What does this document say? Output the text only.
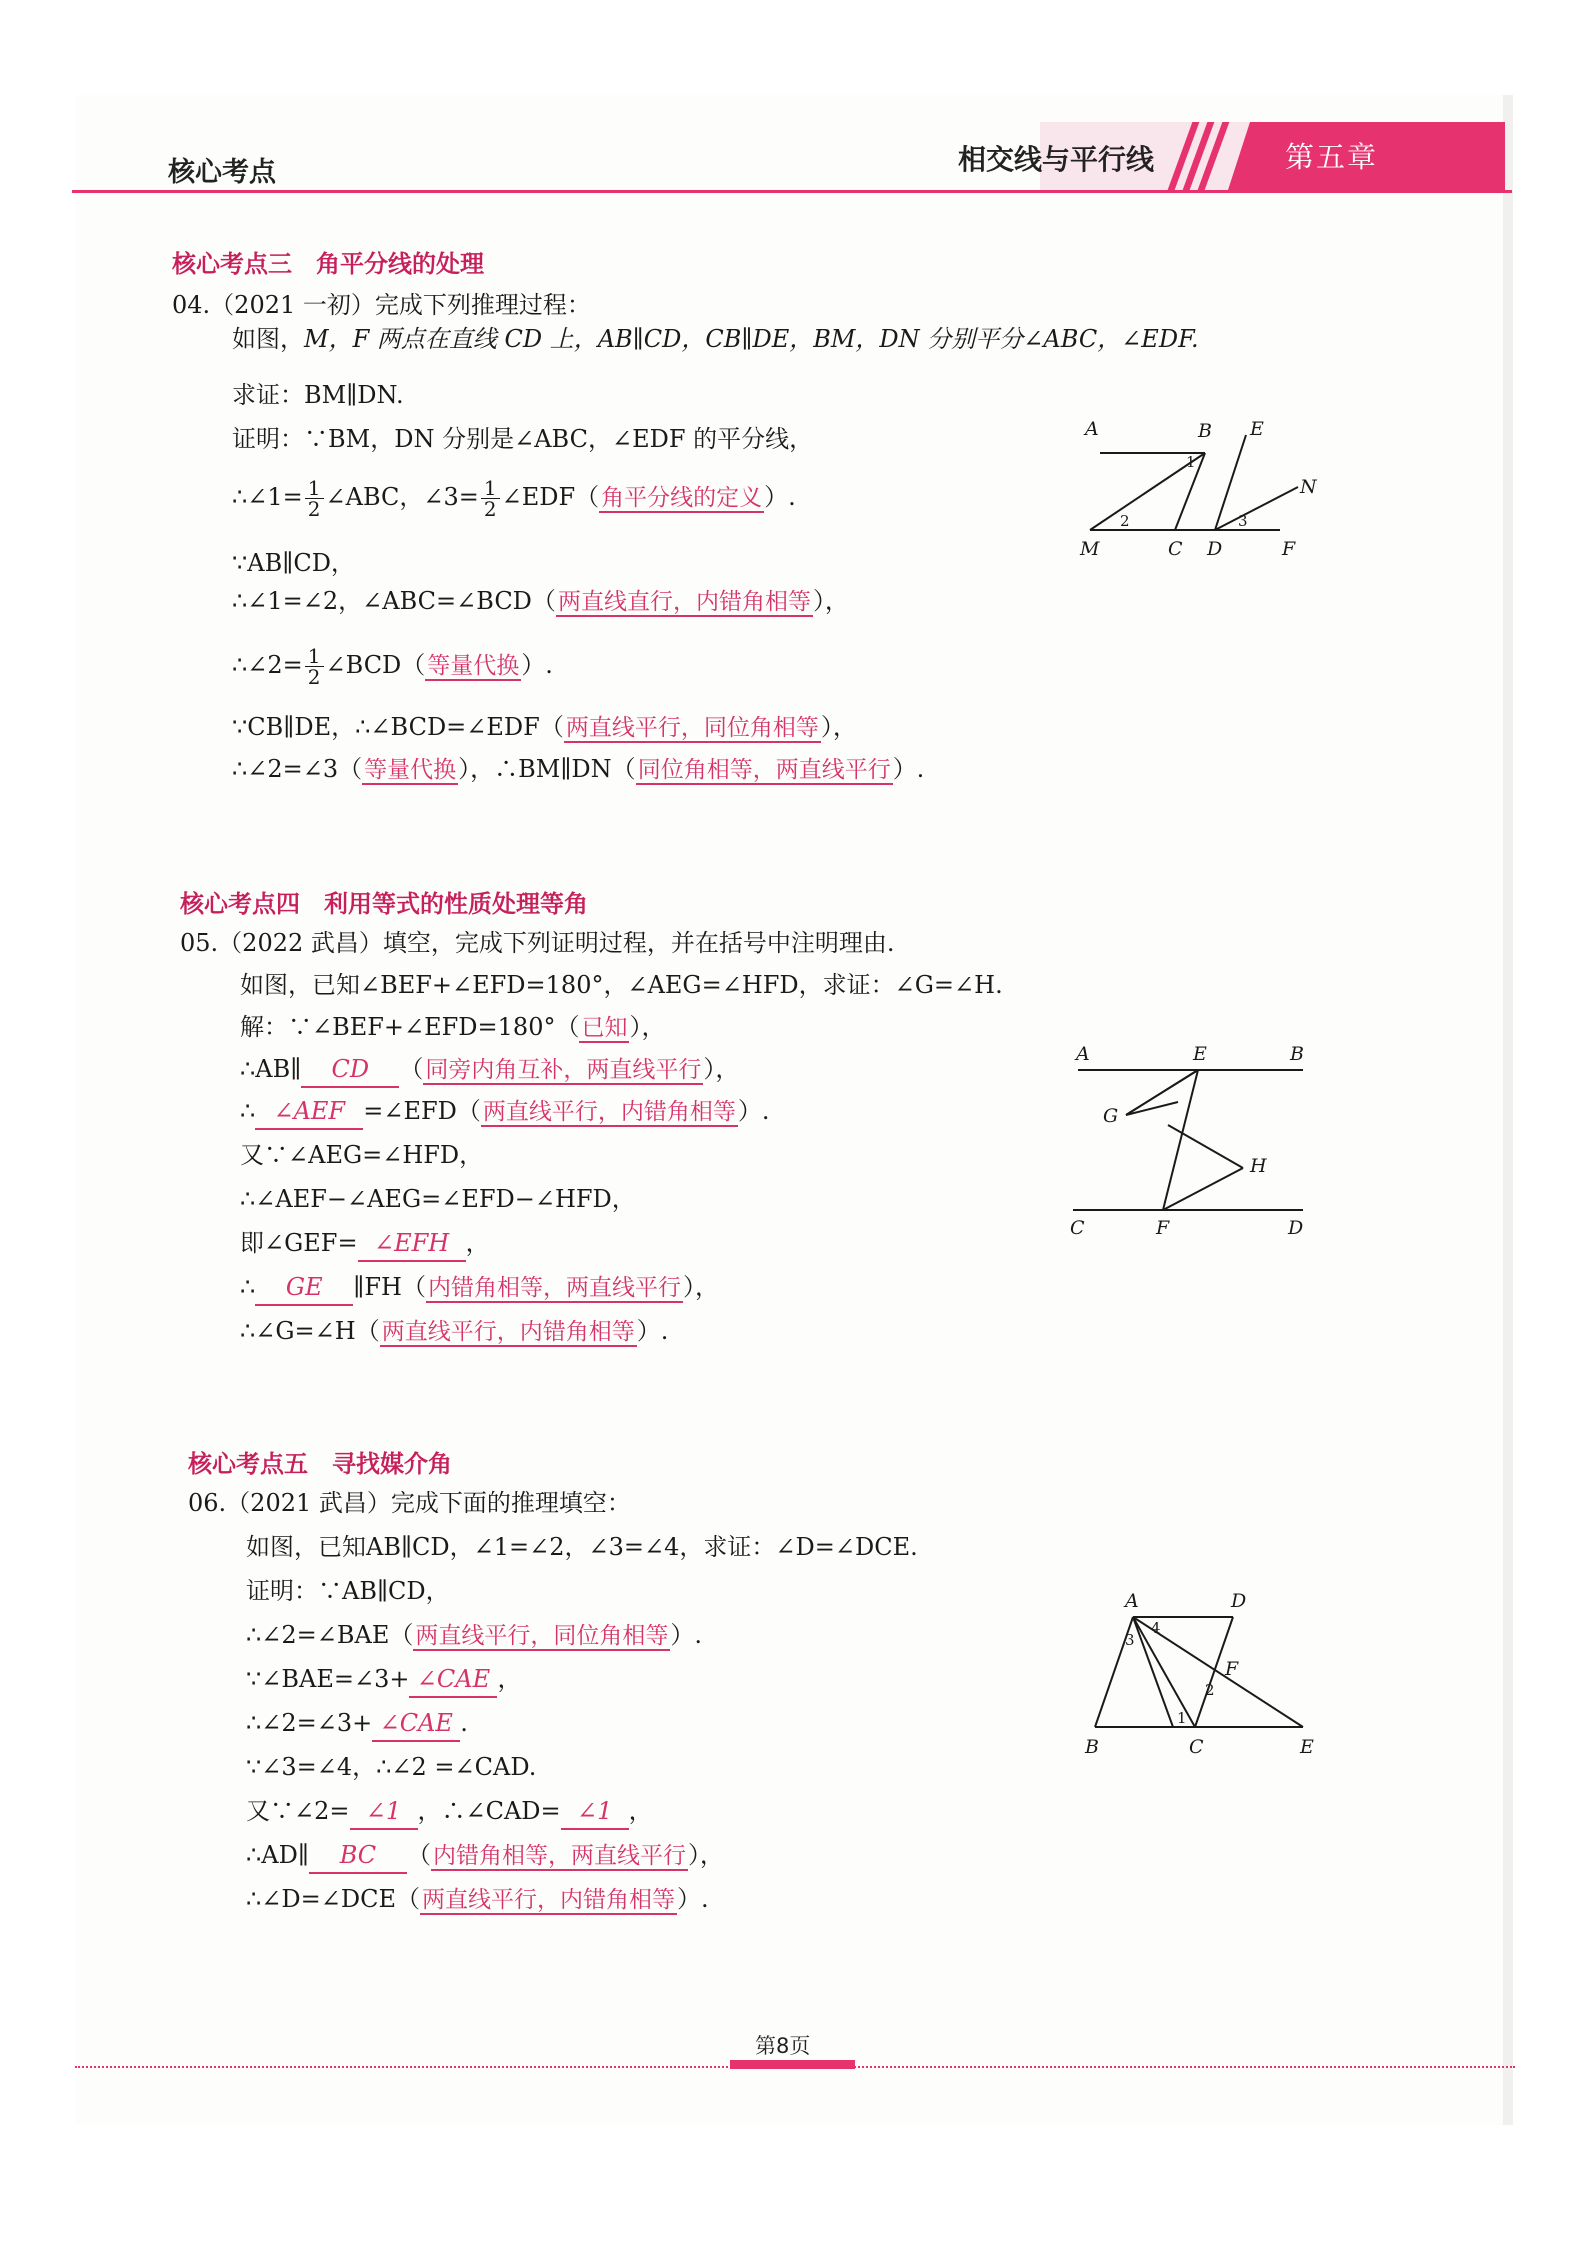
核心考点	相交线与平行线	第五章
核心考点三　角平分线的处理
04.（2021 一初）完成下列推理过程：
如图，M，F 两点在直线 CD 上，AB∥CD，CB∥DE，BM，DN 分别平分∠ABC，∠EDF.
求证：BM∥DN.
证明：∵BM，DN 分别是∠ABC，∠EDF 的平分线，
∴∠1= $\frac{1}{2}$ ∠ABC，∠3= $\frac{1}{2}$ ∠EDF（角平分线的定义）.
∵AB∥CD，
∴∠1=∠2，∠ABC=∠BCD（两直线直行，内错角相等），
∴∠2= $\frac{1}{2}$ ∠BCD（等量代换）.
∵CB∥DE，∴∠BCD=∠EDF（两直线平行，同位角相等），
∴∠2=∠3（等量代换），∴BM∥DN（同位角相等，两直线平行）.
A	B E
N
M	C D	F
1
2	3
核心考点四　利用等式的性质处理等角
05.（2022 武昌）填空，完成下列证明过程，并在括号中注明理由.
如图，已知∠BEF+∠EFD=180°，∠AEG=∠HFD，求证：∠G=∠H.
解：∵∠BEF+∠EFD=180°（已知），
∴AB∥ CD （同旁内角互补，两直线平行），
∴ ∠AEF =∠EFD（两直线平行，内错角相等）.
又∵∠AEG=∠HFD，
∴∠AEF−∠AEG=∠EFD−∠HFD，
即∠GEF= ∠EFH ，
∴ GE ∥FH（内错角相等，两直线平行），
∴∠G=∠H（两直线平行，内错角相等）.
A	E	B
G
H
C	F	D
核心考点五　寻找媒介角
06.（2021 武昌）完成下面的推理填空：
如图，已知AB∥CD，∠1=∠2，∠3=∠4，求证：∠D=∠DCE.
证明：∵AB∥CD，
∴∠2=∠BAE（两直线平行，同位角相等）.
∵∠BAE=∠3+ ∠CAE ，
∴∠2=∠3+ ∠CAE .
∵∠3=∠4，∴∠2 =∠CAD.
又∵∠2= ∠1 ，∴∠CAD= ∠1 ，
∴AD∥ BC （内错角相等，两直线平行），
∴∠D=∠DCE（两直线平行，内错角相等）.
A	D
F
B	C	E
1
2
3
4
第8页
